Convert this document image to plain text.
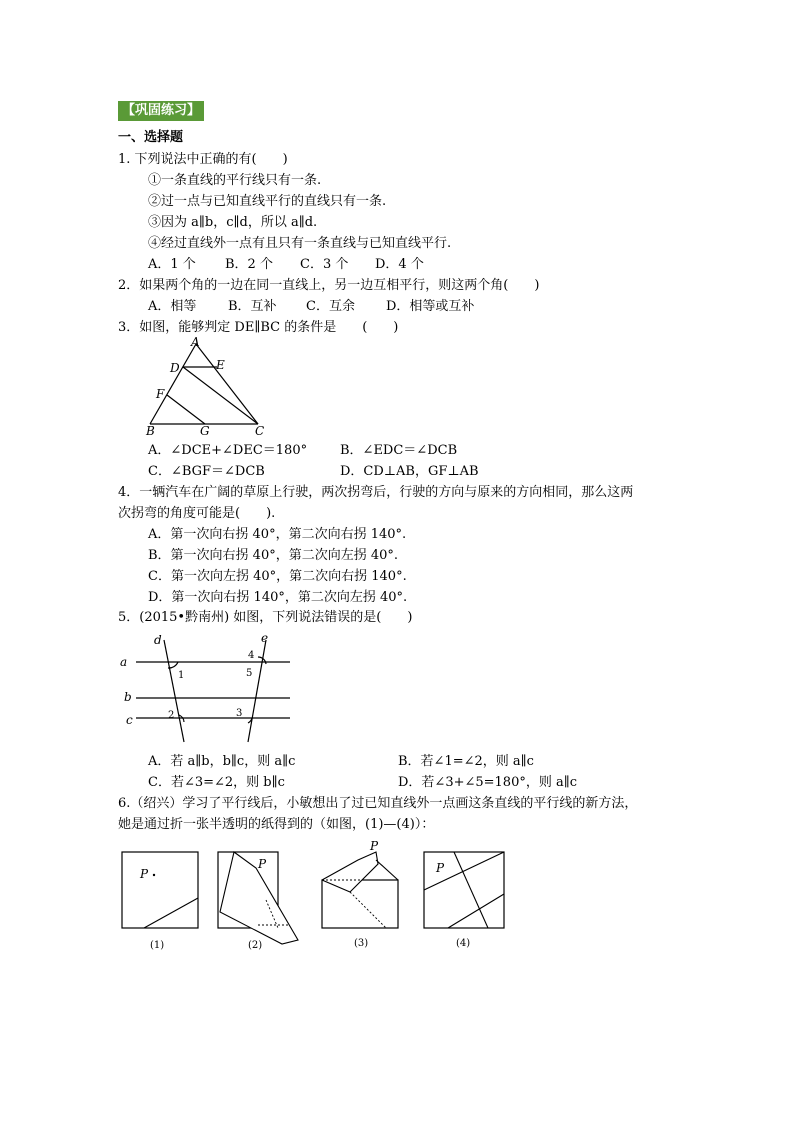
【巩固练习】
一、选择题
1. 下列说法中正确的有(　　)
①一条直线的平行线只有一条.
②过一点与已知直线平行的直线只有一条.
③因为 a∥b，c∥d，所以 a∥d.
④经过直线外一点有且只有一条直线与已知直线平行.
A．1 个 B．2 个 C．3 个 D．4 个
2．如果两个角的一边在同一直线上，另一边互相平行，则这两个角(　　)
A．相等 B．互补 C．互余 D．相等或互补
3．如图，能够判定 DE∥BC 的条件是　　(　　)
A
D	E
F
B	G	C
A．∠DCE+∠DEC＝180°	B．∠EDC＝∠DCB
C．∠BGF＝∠DCB	D．CD⊥AB，GF⊥AB
4．一辆汽车在广阔的草原上行驶，两次拐弯后，行驶的方向与原来的方向相同，那么这两
次拐弯的角度可能是(　　).
A．第一次向右拐 40°，第二次向右拐 140°.
B．第一次向右拐 40°，第二次向左拐 40°.
C．第一次向左拐 40°，第二次向右拐 140°.
D．第一次向右拐 140°，第二次向左拐 40°.
5．(2015•黔南州) 如图，下列说法错误的是(　　)
d	e
a
b
c
1
2	3
4
5
A．若 a∥b，b∥c，则 a∥c	B．若∠1=∠2，则 a∥c
C．若∠3=∠2，则 b∥c	D．若∠3+∠5=180°，则 a∥c
6.（绍兴）学习了平行线后，小敏想出了过已知直线外一点画这条直线的平行线的新方法，
她是通过折一张半透明的纸得到的（如图，(1)—(4)）：
P
(1)
P
(2)
P
(3)
P
(4)
